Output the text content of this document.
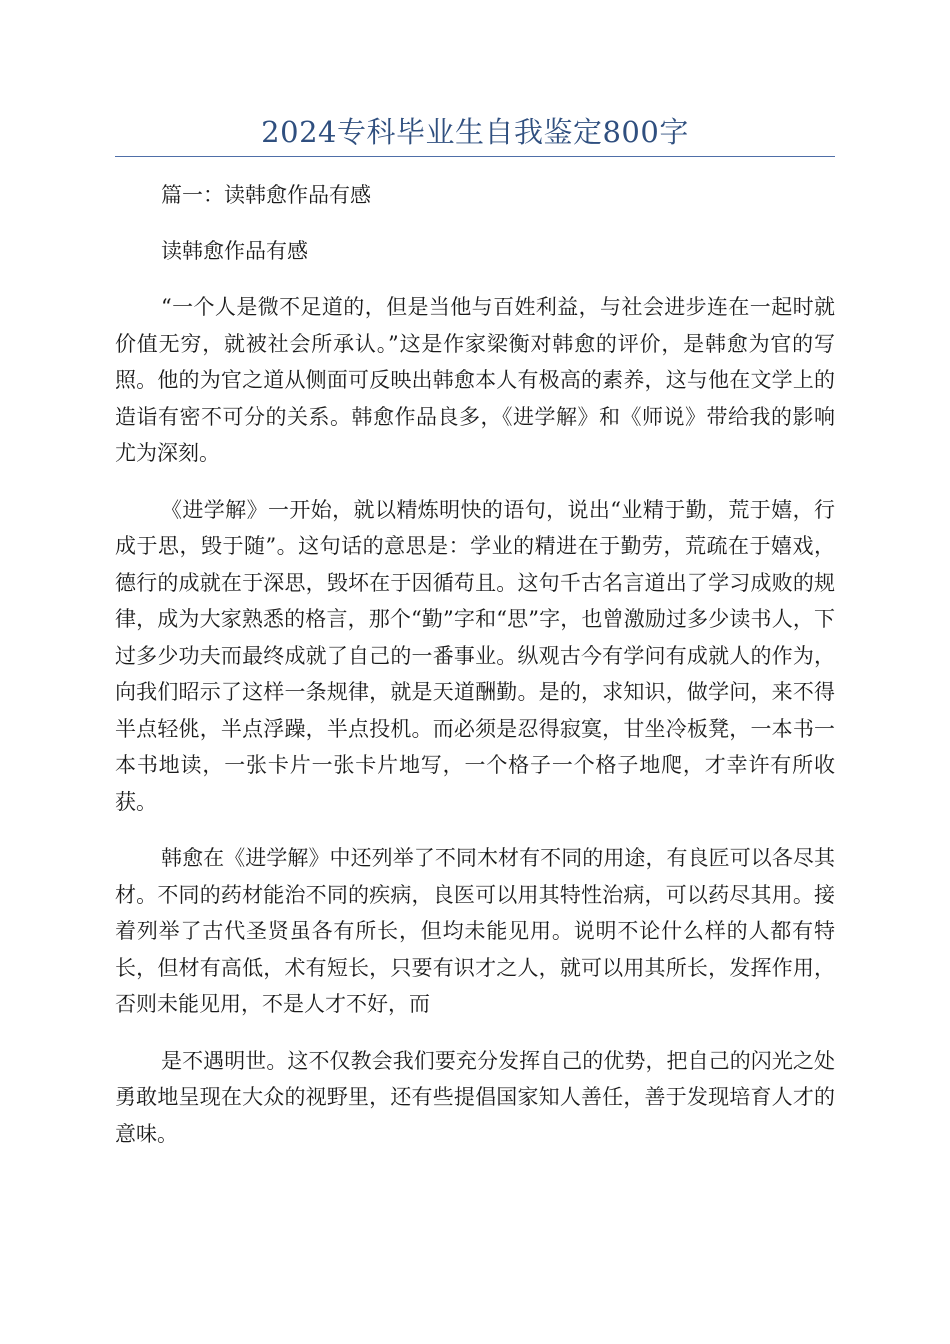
2024专科毕业生自我鉴定800字

篇一：读韩愈作品有感

读韩愈作品有感

“一个人是微不足道的，但是当他与百姓利益，与社会进步连在一起时就价值无穷，就被社会所承认。”这是作家梁衡对韩愈的评价，是韩愈为官的写照。他的为官之道从侧面可反映出韩愈本人有极高的素养，这与他在文学上的造诣有密不可分的关系。韩愈作品良多，《进学解》和《师说》带给我的影响尤为深刻。

《进学解》一开始，就以精炼明快的语句，说出“业精于勤，荒于嬉，行成于思，毁于随”。这句话的意思是：学业的精进在于勤劳，荒疏在于嬉戏，德行的成就在于深思，毁坏在于因循苟且。这句千古名言道出了学习成败的规律，成为大家熟悉的格言，那个“勤”字和“思”字，也曾激励过多少读书人，下过多少功夫而最终成就了自己的一番事业。纵观古今有学问有成就人的作为，向我们昭示了这样一条规律，就是天道酬勤。是的，求知识，做学问，来不得半点轻佻，半点浮躁，半点投机。而必须是忍得寂寞，甘坐冷板凳，一本书一本书地读，一张卡片一张卡片地写，一个格子一个格子地爬，才幸许有所收获。

韩愈在《进学解》中还列举了不同木材有不同的用途，有良匠可以各尽其材。不同的药材能治不同的疾病，良医可以用其特性治病，可以药尽其用。接着列举了古代圣贤虽各有所长，但均未能见用。说明不论什么样的人都有特长，但材有高低，术有短长，只要有识才之人，就可以用其所长，发挥作用，否则未能见用，不是人才不好，而

是不遇明世。这不仅教会我们要充分发挥自己的优势，把自己的闪光之处勇敢地呈现在大众的视野里，还有些提倡国家知人善任，善于发现培育人才的意味。
